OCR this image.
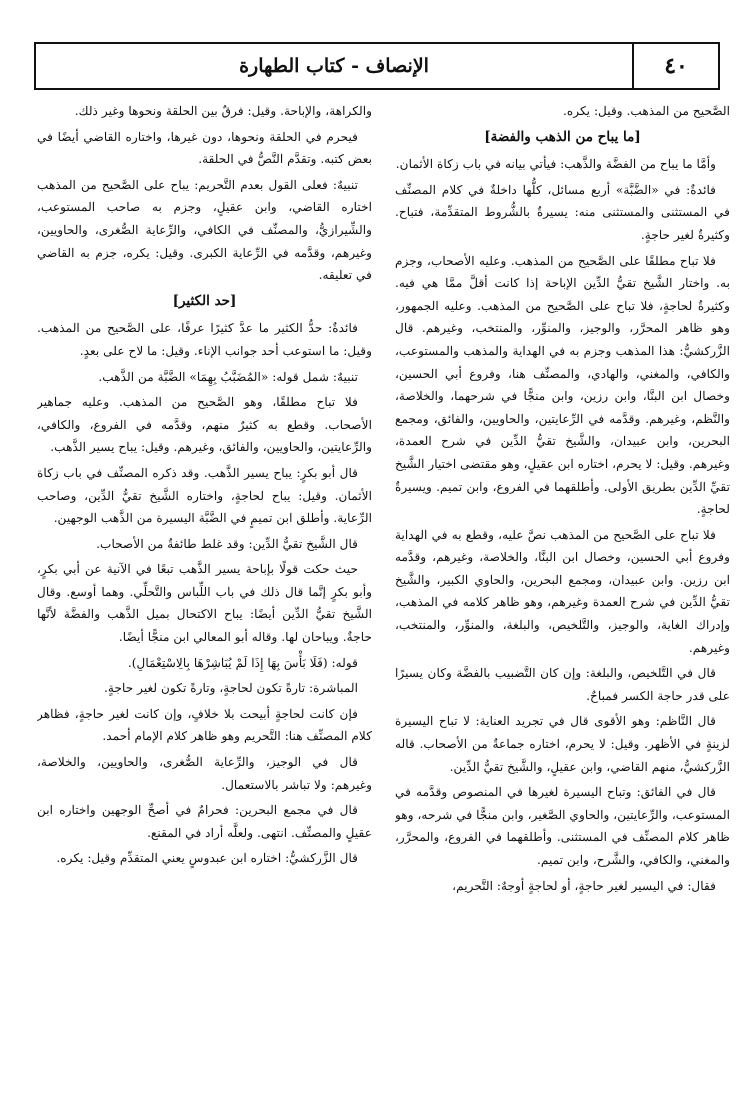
٤٠
الإنصاف - كتاب الطهارة

الصَّحيح من المذهب. وقيل: يكره.

[ما يباح من الذهب والفضة]

وأمَّا ما يباح من الفضَّة والذَّهب: فيأتي بيانه في باب زكاة الأثمان.

فائدةٌ: في «الضَّبَّة» أربع مسائل، كلُّها داخلةٌ في كلام المصنِّف في المستثنى والمستثنى منه: يسيرةٌ بالشُّروط المتقدِّمة، فتباح. وكثيرةٌ لغير حاجةٍ.

فلا تباح مطلقًا على الصَّحيح من المذهب. وعليه الأصحاب، وجزم به. واختار الشَّيخ تقيُّ الدِّين الإباحة إذا كانت أقلَّ ممَّا هي فيه. وكثيرةٌ لحاجةٍ، فلا تباح على الصَّحيح من المذهب. وعليه الجمهور، وهو ظاهر المحرَّر، والوجيز، والمنوِّر، والمنتخب، وغيرهم. قال الزَّركشيُّ: هذا المذهب وجزم به في الهداية والمذهب والمستوعب، والكافي، والمغني، والهادي، والمصنِّف هنا، وفروع أبي الحسين، وخصال ابن البنَّا، وابن رزين، وابن منجًّا في شرحهما، والخلاصة، والنَّظم، وغيرهم. وقدَّمه في الرِّعايتين، والحاويين، والفائق، ومجمع البحرين، وابن عبيدان، والشَّيخ تقيُّ الدِّين في شرح العمدة، وغيرهم. وقيل: لا يحرم، اختاره ابن عقيلٍ، وهو مقتضى اختيار الشَّيخ تقيِّ الدِّين بطريق الأولى. وأطلقهما في الفروع، وابن تميم. ويسيرةٌ لحاجةٍ.

فلا تباح على الصَّحيح من المذهب نصَّ عليه، وقطع به في الهداية وفروع أبي الحسين، وخصال ابن البنَّا، والخلاصة، وغيرهم، وقدَّمه ابن رزين. وابن عبيدان، ومجمع البحرين، والحاوي الكبير، والشَّيخ تقيُّ الدِّين في شرح العمدة وغيرهم، وهو ظاهر كلامه في المذهب، وإدراك الغاية، والوجيز، والتَّلخيص، والبلغة، والمنوِّر، والمنتخب، وغيرهم.

قال في التَّلخيص، والبلغة: وإن كان التَّضبيب بالفضَّة وكان يسيرًا على قدر حاجة الكسر فمباحٌ.

قال النَّاظم: وهو الأقوى قال في تجريد العناية: لا تباح اليسيرة لزينةٍ في الأظهر. وقيل: لا يحرم، اختاره جماعةٌ من الأصحاب. قاله الزَّركشيُّ، منهم القاضي، وابن عقيلٍ، والشَّيخ تقيُّ الدِّين.

قال في الفائق: وتباح اليسيرة لغيرها في المنصوص وقدَّمه في المستوعب، والرِّعايتين، والحاوي الصَّغير، وابن منجًّا في شرحه، وهو ظاهر كلام المصنِّف في المستثنى. وأطلقهما في الفروع، والمحرَّر، والمغني، والكافي، والشَّرح، وابن تميم.

فقال: في اليسير لغير حاجةٍ، أو لحاجةٍ أوجهٌ: التَّحريم،

والكراهة، والإباحة. وقيل: فرقٌ بين الحلقة ونحوها وغير ذلك.

فيحرم في الحلقة ونحوها، دون غيرها، واختاره القاضي أيضًا في بعض كتبه. وتقدَّم النَّصُّ في الحلقة.

تنبيهٌ: فعلى القول بعدم التَّحريم: يباح على الصَّحيح من المذهب اختاره القاضي، وابن عقيلٍ، وجزم به صاحب المستوعب، والشِّيرازيُّ، والمصنِّف في الكافي، والرِّعاية الصُّغرى، والحاويين، وغيرهم، وقدَّمه في الرِّعاية الكبرى. وقيل: يكره، جزم به القاضي في تعليقه.

[حد الكثير]

فائدةٌ: حدُّ الكثير ما عدَّ كثيرًا عرفًا، على الصَّحيح من المذهب. وقيل: ما استوعب أحد جوانب الإناء. وقيل: ما لاح على بعدٍ.

تنبيهٌ: شمل قوله: «المُضَبَّبُ بِهِمَا» الضَّبَّة من الذَّهب.

فلا تباح مطلقًا، وهو الصَّحيح من المذهب. وعليه جماهير الأصحاب. وقطع به كثيرٌ منهم، وقدَّمه في الفروع، والكافي، والرِّعايتين، والحاويين، والفائق، وغيرهم. وقيل: يباح يسير الذَّهب.

قال أبو بكرٍ: يباح يسير الذَّهب. وقد ذكره المصنِّف في باب زكاة الأثمان. وقيل: يباح لحاجةٍ، واختاره الشَّيخ تقيُّ الدِّين، وصاحب الرِّعاية. وأطلق ابن تميمٍ في الضَّبَّة اليسيرة من الذَّهب الوجهين.

قال الشَّيخ تقيُّ الدِّين: وقد غلط طائفةٌ من الأصحاب.

حيث حكت قولًا بإباحة يسير الذَّهب تبعًا في الآنية عن أبي بكرٍ، وأبو بكرٍ إنَّما قال ذلك في باب اللِّباس والتَّحلِّي. وهما أوسع. وقال الشَّيخ تقيُّ الدِّين أيضًا: يباح الاكتحال بميل الذَّهب والفضَّة لأنَّها حاجةٌ. ويباحان لها. وقاله أبو المعالي ابن منجًّا أيضًا.

قوله: (فَلَا بَأْسَ بِهَا إِذَا لَمْ يُبَاشِرْهَا بِالِاسْتِعْمَالِ).

المباشرة: تارةً تكون لحاجةٍ، وتارةً تكون لغير حاجةٍ.

فإن كانت لحاجةٍ أبيحت بلا خلافٍ، وإن كانت لغير حاجةٍ، فظاهر كلام المصنِّف هنا: التَّحريم وهو ظاهر كلام الإمام أحمد.

قال في الوجيز، والرِّعاية الصُّغرى، والحاويين، والخلاصة، وغيرهم: ولا تباشر بالاستعمال.

قال في مجمع البحرين: فحرامٌ في أصحِّ الوجهين واختاره ابن عقيلٍ والمصنِّف. انتهى. ولعلَّه أراد في المقنع.

قال الزَّركشيُّ: اختاره ابن عبدوسٍ يعني المتقدِّم وقيل: يكره.
